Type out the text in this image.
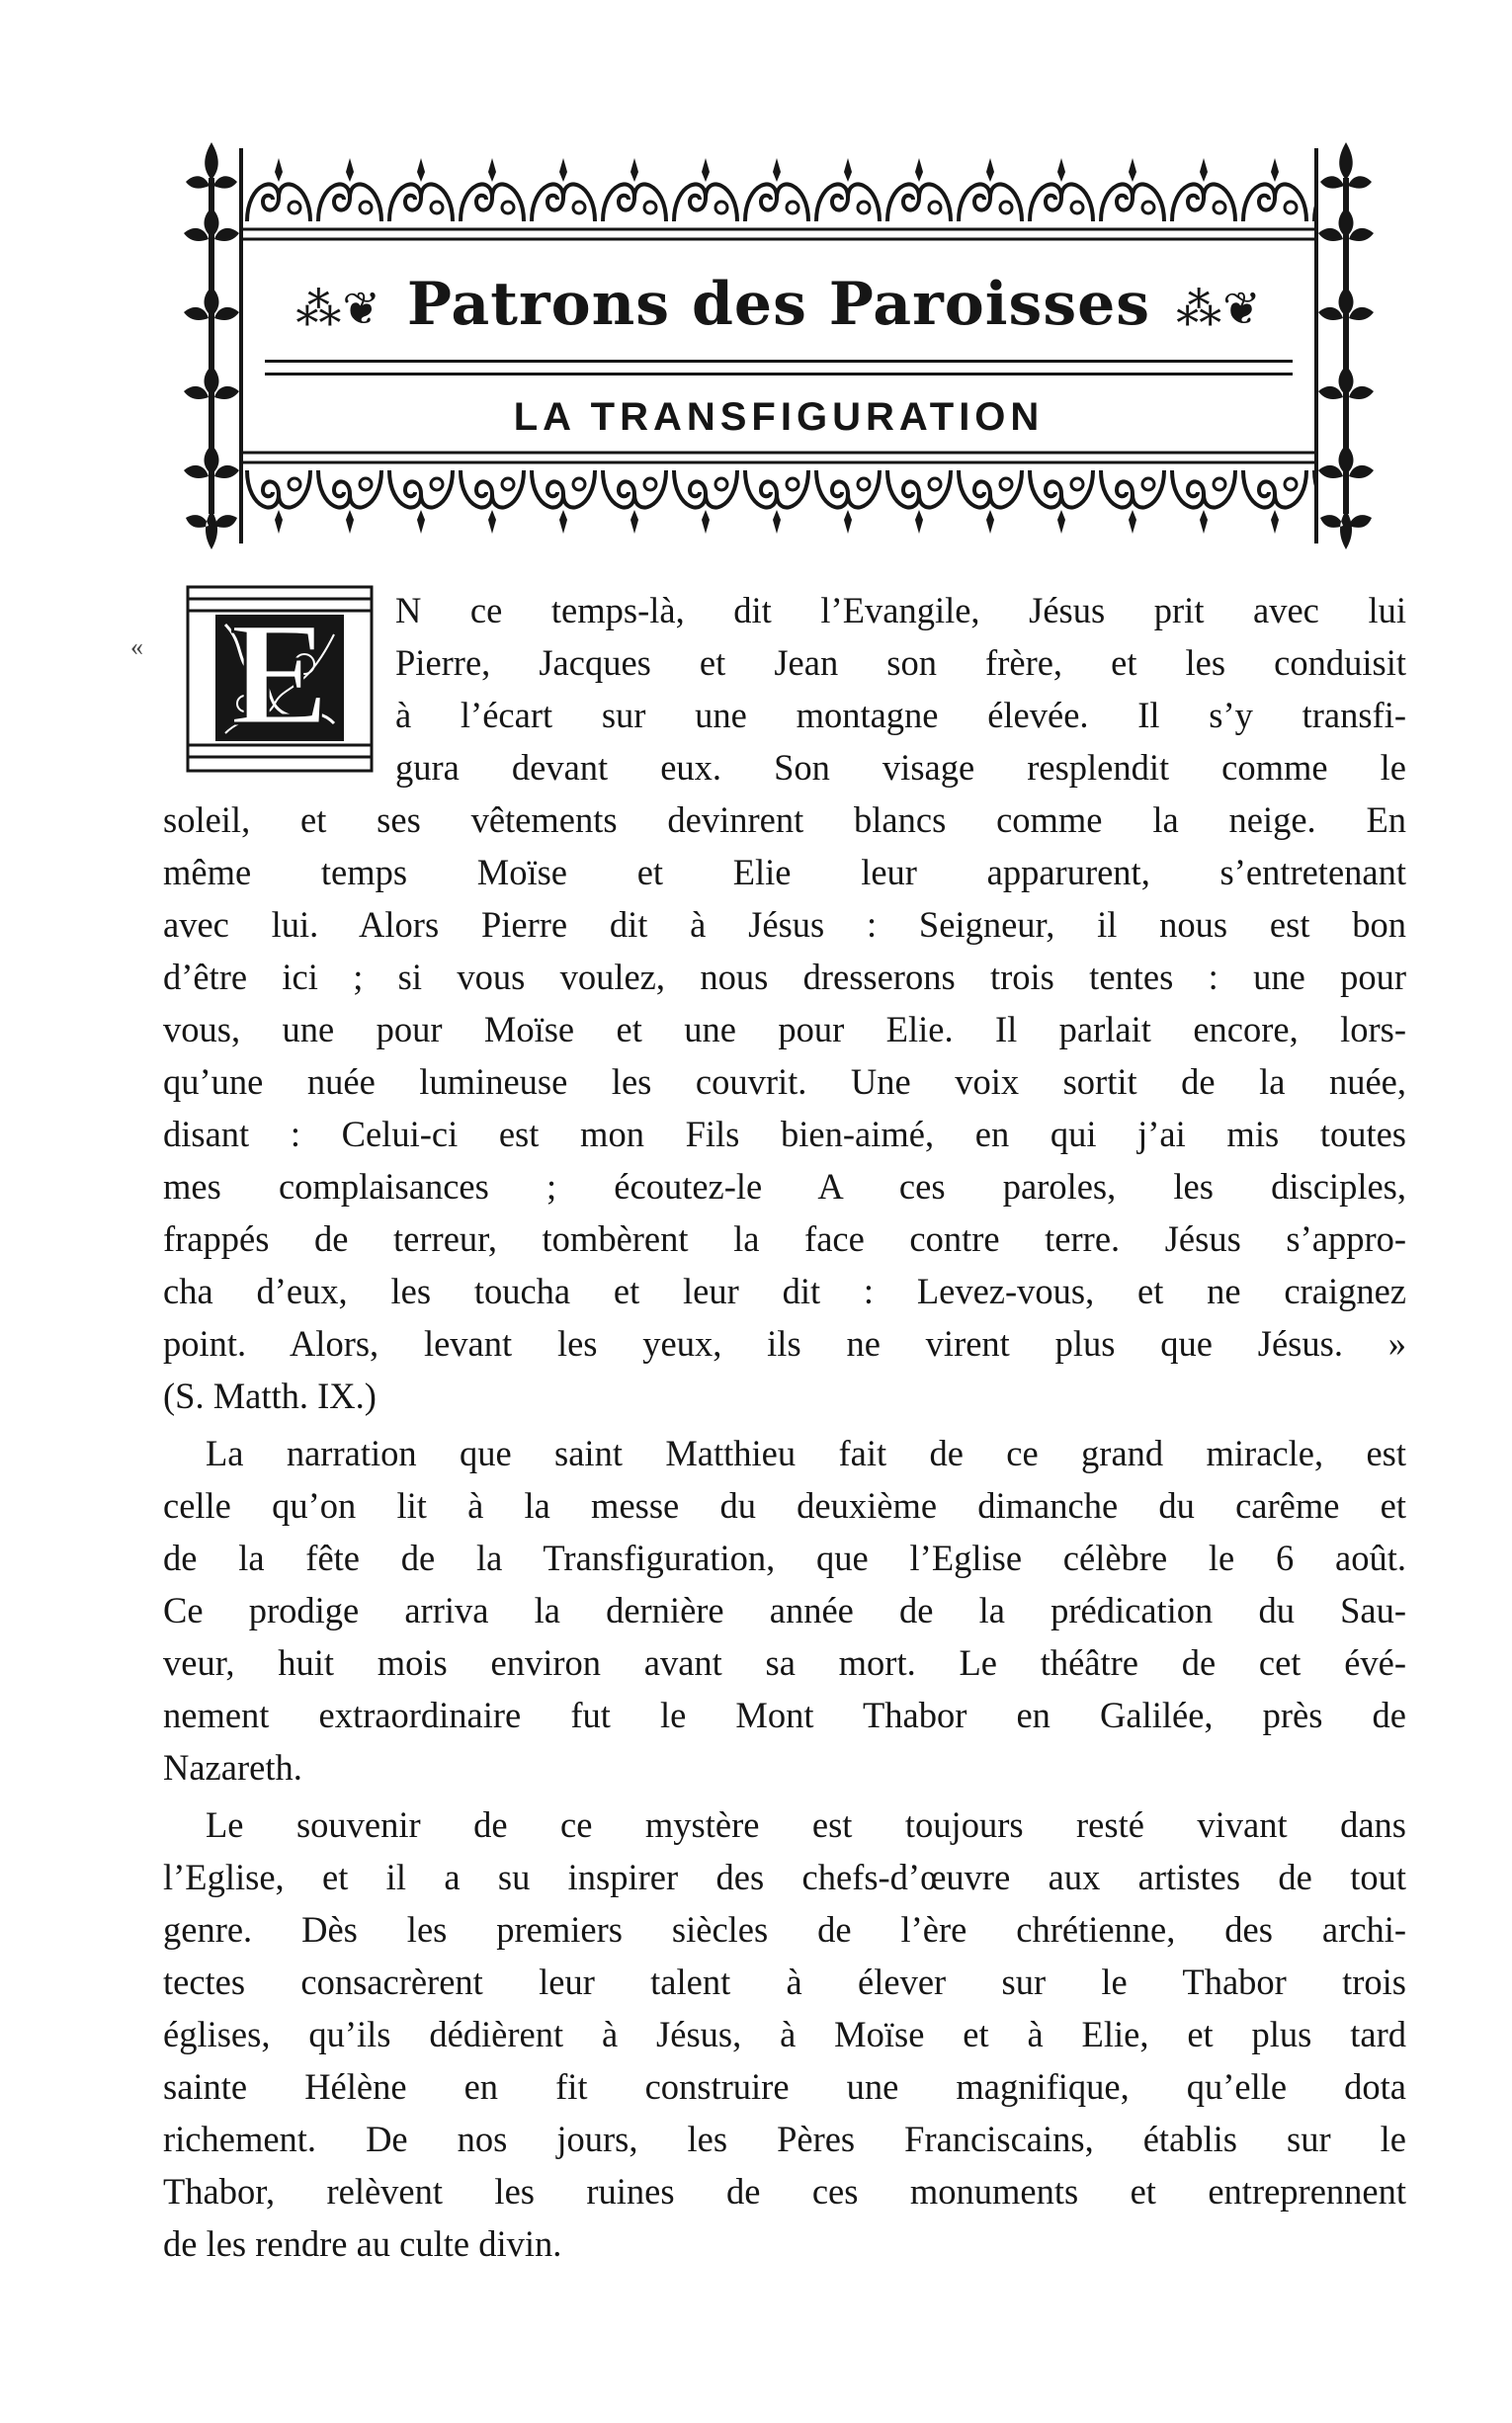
⁂❦ Patrons des Paroisses ⁂❦
LA TRANSFIGURATION
E
«
N ce temps-là, dit l’Evangile, Jésus prit avec lui
Pierre, Jacques et Jean son frère, et les conduisit
à l’écart sur une montagne élevée. Il s’y transfi-
gura devant eux. Son visage resplendit comme le
soleil, et ses vêtements devinrent blancs comme la neige. En
même temps Moïse et Elie leur apparurent, s’entretenant
avec lui. Alors Pierre dit à Jésus : Seigneur, il nous est bon
d’être ici ; si vous voulez, nous dresserons trois tentes : une pour
vous, une pour Moïse et une pour Elie. Il parlait encore, lors-
qu’une nuée lumineuse les couvrit. Une voix sortit de la nuée,
disant : Celui-ci est mon Fils bien-aimé, en qui j’ai mis toutes
mes complaisances ; écoutez-le A ces paroles, les disciples,
frappés de terreur, tombèrent la face contre terre. Jésus s’appro-
cha d’eux, les toucha et leur dit : Levez-vous, et ne craignez
point. Alors, levant les yeux, ils ne virent plus que Jésus. »
(S. Matth. IX.)
La narration que saint Matthieu fait de ce grand miracle, est
celle qu’on lit à la messe du deuxième dimanche du carême et
de la fête de la Transfiguration, que l’Eglise célèbre le 6 août.
Ce prodige arriva la dernière année de la prédication du Sau-
veur, huit mois environ avant sa mort. Le théâtre de cet évé-
nement extraordinaire fut le Mont Thabor en Galilée, près de
Nazareth.
Le souvenir de ce mystère est toujours resté vivant dans
l’Eglise, et il a su inspirer des chefs-d’œuvre aux artistes de tout
genre. Dès les premiers siècles de l’ère chrétienne, des archi-
tectes consacrèrent leur talent à élever sur le Thabor trois
églises, qu’ils dédièrent à Jésus, à Moïse et à Elie, et plus tard
sainte Hélène en fit construire une magnifique, qu’elle dota
richement. De nos jours, les Pères Franciscains, établis sur le
Thabor, relèvent les ruines de ces monuments et entreprennent
de les rendre au culte divin.
